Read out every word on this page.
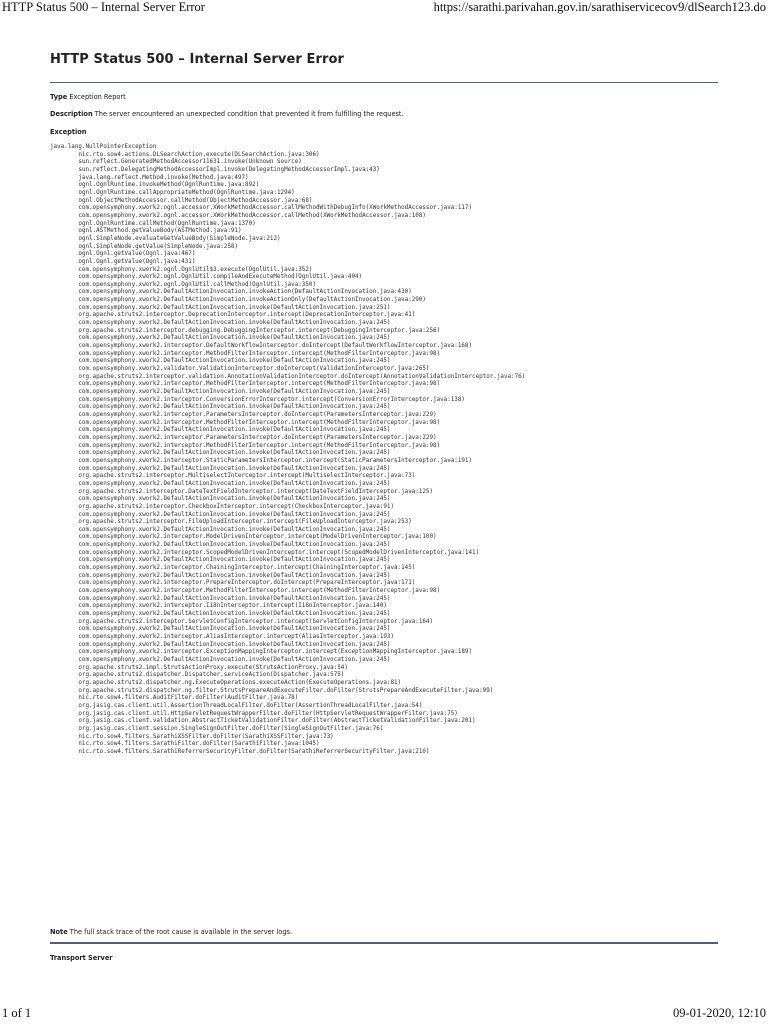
HTTP Status 500 – Internal Server Error	https://sarathi.parivahan.gov.in/sarathiservicecov9/dlSearch123.do
HTTP Status 500 – Internal Server Error
Type Exception Report
Description The server encountered an unexpected condition that prevented it from fulfilling the request.
Exception
java.lang.NullPointerException
nic.rto.sow4.actions.DLSearchAction.execute(DLSearchAction.java:306)
sun.reflect.GeneratedMethodAccessor11631.invoke(Unknown Source)
sun.reflect.DelegatingMethodAccessorImpl.invoke(DelegatingMethodAccessorImpl.java:43)
java.lang.reflect.Method.invoke(Method.java:497)
ognl.OgnlRuntime.invokeMethod(OgnlRuntime.java:892)
ognl.OgnlRuntime.callAppropriateMethod(OgnlRuntime.java:1294)
ognl.ObjectMethodAccessor.callMethod(ObjectMethodAccessor.java:68)
com.opensymphony.xwork2.ognl.accessor.XWorkMethodAccessor.callMethodWithDebugInfo(XWorkMethodAccessor.java:117)
com.opensymphony.xwork2.ognl.accessor.XWorkMethodAccessor.callMethod(XWorkMethodAccessor.java:108)
ognl.OgnlRuntime.callMethod(OgnlRuntime.java:1370)
ognl.ASTMethod.getValueBody(ASTMethod.java:91)
ognl.SimpleNode.evaluateGetValueBody(SimpleNode.java:212)
ognl.SimpleNode.getValue(SimpleNode.java:258)
ognl.Ognl.getValue(Ognl.java:467)
ognl.Ognl.getValue(Ognl.java:431)
com.opensymphony.xwork2.ognl.OgnlUtil$3.execute(OgnlUtil.java:352)
com.opensymphony.xwork2.ognl.OgnlUtil.compileAndExecuteMethod(OgnlUtil.java:404)
com.opensymphony.xwork2.ognl.OgnlUtil.callMethod(OgnlUtil.java:350)
com.opensymphony.xwork2.DefaultActionInvocation.invokeAction(DefaultActionInvocation.java:430)
com.opensymphony.xwork2.DefaultActionInvocation.invokeActionOnly(DefaultActionInvocation.java:290)
com.opensymphony.xwork2.DefaultActionInvocation.invoke(DefaultActionInvocation.java:251)
org.apache.struts2.interceptor.DeprecationInterceptor.intercept(DeprecationInterceptor.java:41)
com.opensymphony.xwork2.DefaultActionInvocation.invoke(DefaultActionInvocation.java:245)
org.apache.struts2.interceptor.debugging.DebuggingInterceptor.intercept(DebuggingInterceptor.java:256)
com.opensymphony.xwork2.DefaultActionInvocation.invoke(DefaultActionInvocation.java:245)
com.opensymphony.xwork2.interceptor.DefaultWorkflowInterceptor.doIntercept(DefaultWorkflowInterceptor.java:168)
com.opensymphony.xwork2.interceptor.MethodFilterInterceptor.intercept(MethodFilterInterceptor.java:98)
com.opensymphony.xwork2.DefaultActionInvocation.invoke(DefaultActionInvocation.java:245)
com.opensymphony.xwork2.validator.ValidationInterceptor.doIntercept(ValidationInterceptor.java:265)
org.apache.struts2.interceptor.validation.AnnotationValidationInterceptor.doIntercept(AnnotationValidationInterceptor.java:76)
com.opensymphony.xwork2.interceptor.MethodFilterInterceptor.intercept(MethodFilterInterceptor.java:98)
com.opensymphony.xwork2.DefaultActionInvocation.invoke(DefaultActionInvocation.java:245)
com.opensymphony.xwork2.interceptor.ConversionErrorInterceptor.intercept(ConversionErrorInterceptor.java:138)
com.opensymphony.xwork2.DefaultActionInvocation.invoke(DefaultActionInvocation.java:245)
com.opensymphony.xwork2.interceptor.ParametersInterceptor.doIntercept(ParametersInterceptor.java:229)
com.opensymphony.xwork2.interceptor.MethodFilterInterceptor.intercept(MethodFilterInterceptor.java:98)
com.opensymphony.xwork2.DefaultActionInvocation.invoke(DefaultActionInvocation.java:245)
com.opensymphony.xwork2.interceptor.ParametersInterceptor.doIntercept(ParametersInterceptor.java:229)
com.opensymphony.xwork2.interceptor.MethodFilterInterceptor.intercept(MethodFilterInterceptor.java:98)
com.opensymphony.xwork2.DefaultActionInvocation.invoke(DefaultActionInvocation.java:245)
com.opensymphony.xwork2.interceptor.StaticParametersInterceptor.intercept(StaticParametersInterceptor.java:191)
com.opensymphony.xwork2.DefaultActionInvocation.invoke(DefaultActionInvocation.java:245)
org.apache.struts2.interceptor.MultiselectInterceptor.intercept(MultiselectInterceptor.java:73)
com.opensymphony.xwork2.DefaultActionInvocation.invoke(DefaultActionInvocation.java:245)
org.apache.struts2.interceptor.DateTextFieldInterceptor.intercept(DateTextFieldInterceptor.java:125)
com.opensymphony.xwork2.DefaultActionInvocation.invoke(DefaultActionInvocation.java:245)
org.apache.struts2.interceptor.CheckboxInterceptor.intercept(CheckboxInterceptor.java:91)
com.opensymphony.xwork2.DefaultActionInvocation.invoke(DefaultActionInvocation.java:245)
org.apache.struts2.interceptor.FileUploadInterceptor.intercept(FileUploadInterceptor.java:253)
com.opensymphony.xwork2.DefaultActionInvocation.invoke(DefaultActionInvocation.java:245)
com.opensymphony.xwork2.interceptor.ModelDrivenInterceptor.intercept(ModelDrivenInterceptor.java:100)
com.opensymphony.xwork2.DefaultActionInvocation.invoke(DefaultActionInvocation.java:245)
com.opensymphony.xwork2.interceptor.ScopedModelDrivenInterceptor.intercept(ScopedModelDrivenInterceptor.java:141)
com.opensymphony.xwork2.DefaultActionInvocation.invoke(DefaultActionInvocation.java:245)
com.opensymphony.xwork2.interceptor.ChainingInterceptor.intercept(ChainingInterceptor.java:145)
com.opensymphony.xwork2.DefaultActionInvocation.invoke(DefaultActionInvocation.java:245)
com.opensymphony.xwork2.interceptor.PrepareInterceptor.doIntercept(PrepareInterceptor.java:171)
com.opensymphony.xwork2.interceptor.MethodFilterInterceptor.intercept(MethodFilterInterceptor.java:98)
com.opensymphony.xwork2.DefaultActionInvocation.invoke(DefaultActionInvocation.java:245)
com.opensymphony.xwork2.interceptor.I18nInterceptor.intercept(I18nInterceptor.java:140)
com.opensymphony.xwork2.DefaultActionInvocation.invoke(DefaultActionInvocation.java:245)
org.apache.struts2.interceptor.ServletConfigInterceptor.intercept(ServletConfigInterceptor.java:164)
com.opensymphony.xwork2.DefaultActionInvocation.invoke(DefaultActionInvocation.java:245)
com.opensymphony.xwork2.interceptor.AliasInterceptor.intercept(AliasInterceptor.java:193)
com.opensymphony.xwork2.DefaultActionInvocation.invoke(DefaultActionInvocation.java:245)
com.opensymphony.xwork2.interceptor.ExceptionMappingInterceptor.intercept(ExceptionMappingInterceptor.java:189)
com.opensymphony.xwork2.DefaultActionInvocation.invoke(DefaultActionInvocation.java:245)
org.apache.struts2.impl.StrutsActionProxy.execute(StrutsActionProxy.java:54)
org.apache.struts2.dispatcher.Dispatcher.serviceAction(Dispatcher.java:575)
org.apache.struts2.dispatcher.ng.ExecuteOperations.executeAction(ExecuteOperations.java:81)
org.apache.struts2.dispatcher.ng.filter.StrutsPrepareAndExecuteFilter.doFilter(StrutsPrepareAndExecuteFilter.java:99)
nic.rto.sow4.filters.AuditFilter.doFilter(AuditFilter.java:78)
org.jasig.cas.client.util.AssertionThreadLocalFilter.doFilter(AssertionThreadLocalFilter.java:54)
org.jasig.cas.client.util.HttpServletRequestWrapperFilter.doFilter(HttpServletRequestWrapperFilter.java:75)
org.jasig.cas.client.validation.AbstractTicketValidationFilter.doFilter(AbstractTicketValidationFilter.java:201)
org.jasig.cas.client.session.SingleSignOutFilter.doFilter(SingleSignOutFilter.java:76)
nic.rto.sow4.filters.SarathiXSSFilter.doFilter(SarathiXSSFilter.java:73)
nic.rto.sow4.filters.SarathiFilter.doFilter(SarathiFilter.java:1045)
nic.rto.sow4.filters.SarathiReferrerSecurityFilter.doFilter(SarathiReferrerSecurityFilter.java:210)
Note The full stack trace of the root cause is available in the server logs.
Transport Server
1 of 1	09-01-2020, 12:10
